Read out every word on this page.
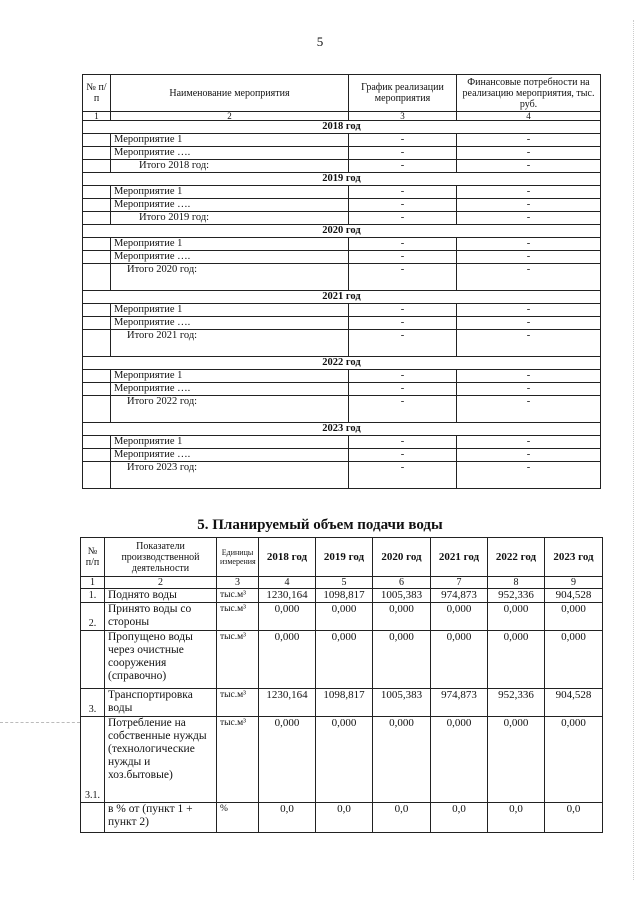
5
№ п/п	Наименование мероприятия	График реализации мероприятия	Финансовые потребности на реализацию мероприятия, тыс. руб.
1	2	3	4
2018 год			
	Мероприятие 1	-	-
	Мероприятие ….	-	-
	Итого 2018 год:	-	-
2019 год			
	Мероприятие 1	-	-
	Мероприятие ….	-	-
	Итого 2019 год:	-	-
2020 год			
	Мероприятие 1	-	-
	Мероприятие ….	-	-
	Итого 2020 год:	-	-
2021 год			
	Мероприятие 1	-	-
	Мероприятие ….	-	-
	Итого 2021 год:	-	-
2022 год			
	Мероприятие 1	-	-
	Мероприятие ….	-	-
	Итого 2022 год:	-	-
2023 год			
	Мероприятие 1	-	-
	Мероприятие ….	-	-
	Итого 2023 год:	-	-
5. Планируемый объем подачи воды
№ п/п	Показатели производственной деятельности	Единицы измерения	2018 год	2019 год	2020 год	2021 год	2022 год	2023 год
1	2	3	4	5	6	7	8	9
1.	Поднято воды	тыс.м³	1230,164	1098,817	1005,383	974,873	952,336	904,528
2.	Принято воды со стороны	тыс.м³	0,000	0,000	0,000	0,000	0,000	0,000
	Пропущено воды через очистные сооружения (справочно)	тыс.м³	0,000	0,000	0,000	0,000	0,000	0,000
3.	Транспортировка воды	тыс.м³	1230,164	1098,817	1005,383	974,873	952,336	904,528
3.1.	Потребление на собственные нужды (технологические нужды и хоз.бытовые)	тыс.м³	0,000	0,000	0,000	0,000	0,000	0,000
	в % от (пункт 1 + пункт 2)	%	0,0	0,0	0,0	0,0	0,0	0,0
